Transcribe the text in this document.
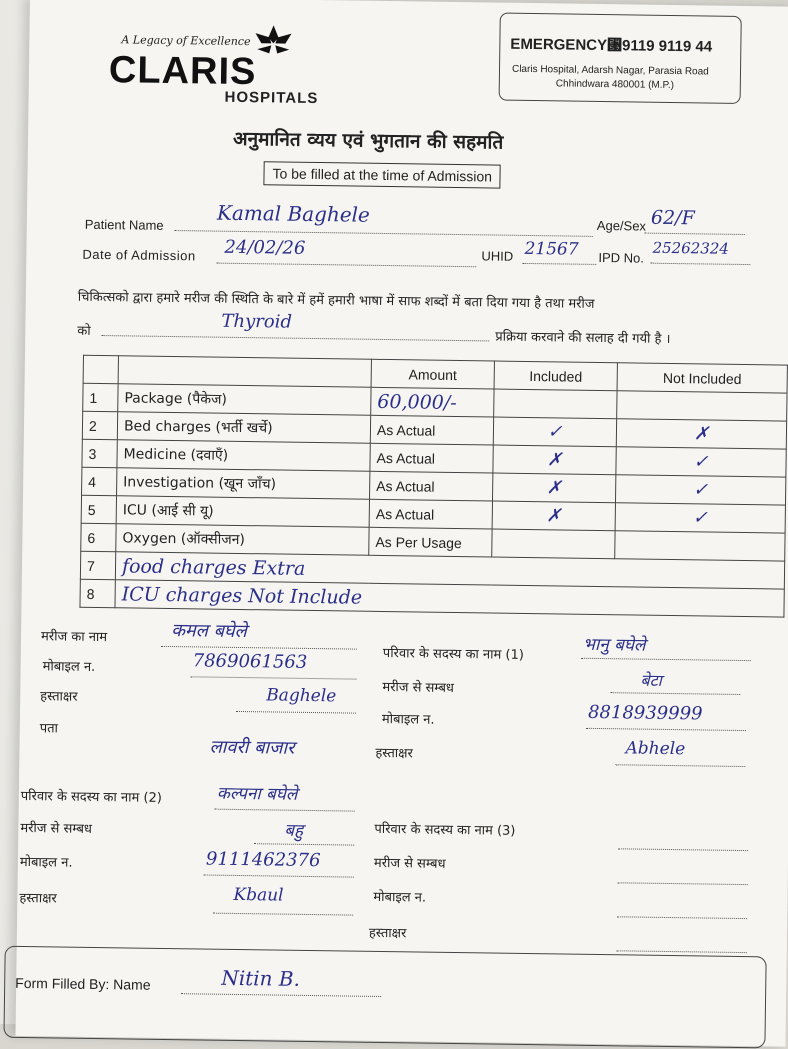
A Legacy of Excellence
CLARIS
HOSPITALS
EMERGENCY⑙9119 9119 44
Claris Hospital, Adarsh Nagar, Parasia Road
Chhindwara 480001 (M.P.)
अनुमानित व्यय एवं भुगतान की सहमति
To be filled at the time of Admission
Patient Name	Kamal Baghele	Age/Sex 62/F
Date of Admission 24/02/26	UHID 21567 IPD No. 25262324
चिकित्सको द्वारा हमारे मरीज की स्थिति के बारे में हमें हमारी भाषा में साफ शब्दों में बता दिया गया है तथा मरीज
को	Thyroid
प्रक्रिया करवाने की सलाह दी गयी है ।
		Amount	Included	Not Included
1	Package (पैकेज)	60,000/-		
2	Bed charges (भर्ती खर्चे)	As Actual	✓	✗
3	Medicine (दवाएँ)	As Actual	✗	✓
4	Investigation (खून जाँच)	As Actual	✗	✓
5	ICU (आई सी यू)	As Actual	✗	✓
6	Oxygen (ऑक्सीजन)	As Per Usage		
7	food charges Extra			
8	ICU charges Not Include			
मरीज का नाम	कमल बघेले
मोबाइल न.	7869061563
हस्ताक्षर	Baghele
पता
लावरी बाजार
परिवार के सदस्य का नाम (2)	कल्पना बघेले
मरीज से सम्बध	बहु
मोबाइल न.	9111462376
हस्ताक्षर	Kbaul
परिवार के सदस्य का नाम (1)	भानु बघेले
मरीज से सम्बध	बेटा
मोबाइल न.	8818939999
हस्ताक्षर	Abhele
परिवार के सदस्य का नाम (3)
मरीज से सम्बध
मोबाइल न.
हस्ताक्षर
Form Filled By: Name	Nitin B.
